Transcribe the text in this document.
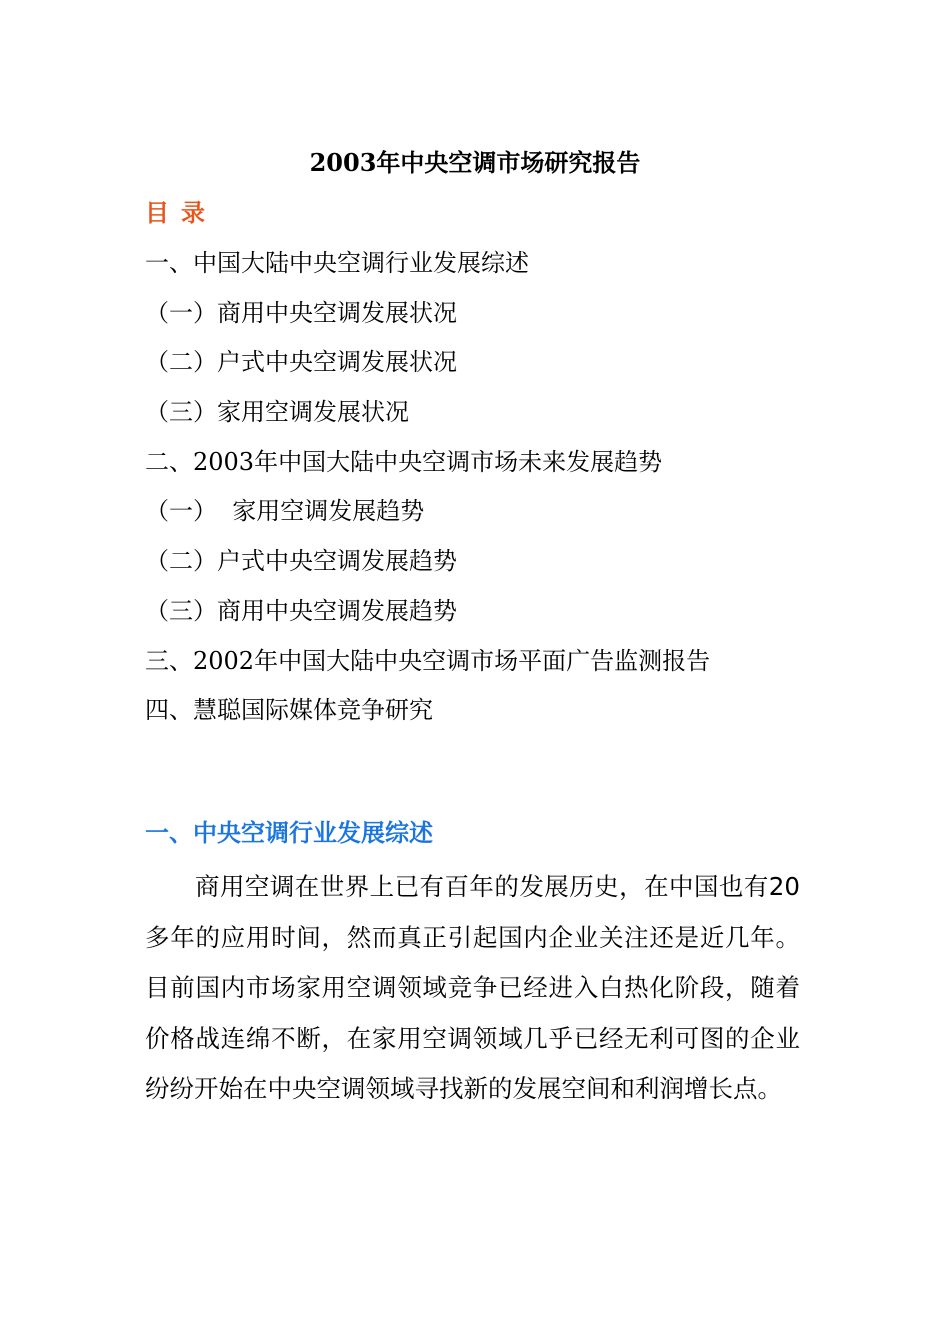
2003年中央空调市场研究报告
目录
一、中国大陆中央空调行业发展综述
（一）商用中央空调发展状况
（二）户式中央空调发展状况
（三）家用空调发展状况
二、2003年中国大陆中央空调市场未来发展趋势
（一）  家用空调发展趋势
（二）户式中央空调发展趋势
（三）商用中央空调发展趋势
三、2002年中国大陆中央空调市场平面广告监测报告
四、慧聪国际媒体竞争研究
一、中央空调行业发展综述

商用空调在世界上已有百年的发展历史，在中国也有20多年的应用时间，然而真正引起国内企业关注还是近几年。目前国内市场家用空调领域竞争已经进入白热化阶段，随着价格战连绵不断，在家用空调领域几乎已经无利可图的企业纷纷开始在中央空调领域寻找新的发展空间和利润增长点。
